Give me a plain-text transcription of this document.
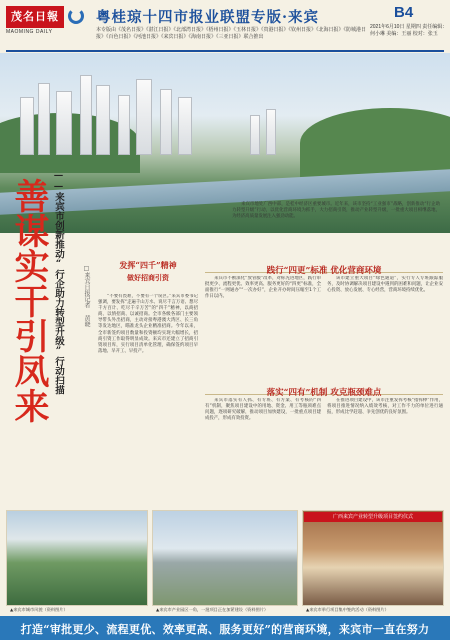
茂名日報
MAOMING DAILY
粤桂琼十四市报业联盟专版·来宾
本专版由《茂名日报》《湛江日报》《北部湾日报》《梧州日报》《玉林日报》《贵港日报》《钦州日报》《北海日报》《防城港日报》《百色日报》《河池日报》《来宾日报》《海南日报》《三亚日报》联合推出
B4
2021年6月10日 星期四 责任编辑：何小琳 美编：王丽 校对：张玉
善谋实干引凤来 ——来宾市创新推动“行企助力转型升级”行动扫描	□来宾日报记者 黄晓
来宾市地处广西中部，是桂中经济区重要城市。近年来，该市坚持“工业强市”战略，创新推动“行企助力转型升级”行动，以优化营商环境为抓手，大力招商引资，推动产业转型升级，一批重大项目相继落地，为经济高质量发展注入强劲动能。
发挥“四千”精神
做好招商引资
“不要有畏难，不要有一个误区。”来宾市委书记强调，要发挥“走遍千山万水、说尽千言万语、想尽千方百计、吃尽千辛万苦”的“四千”精神，以商招商、以情招商、以诚招商。全市各级各部门主要领导带头外出招商，主动对接粤港澳大湾区、长三角等发达地区，瞄准龙头企业精准招商。今年以来，全市新签约项目数量和投资额均实现大幅增长，招商引资工作取得明显成效。来宾市还建立了招商引资项目库，实行项目清单化管理，确保签约项目早落地、早开工、早投产。
践行“四更”标准 优化营商环境
来宾市不断深化“放管服”改革，对标先进地区，践行审批更少、流程更优、效率更高、服务更好的“四更”标准，全面推行“一网通办”“一次办好”，企业开办时间压缩至1个工作日以内。
该市建立重大项目“绿色通道”，实行专人专班跟踪服务，及时协调解决项目建设中遇到的困难和问题，让企业安心投资、放心发展、专心经营，营商环境持续优化。
落实“四有”机制 攻克瓶颈难点
来宾市落实有人抓、有专班、有方案、有考核的“四有”机制，聚焦项目建设中的用地、资金、用工等瓶颈难点问题，逐项研究破解，推动项目加快建设，一批重点项目建成投产，形成有效投资。
在推进项目建设中，该市注重发挥考核“指挥棒”作用，将项目推进情况纳入绩效考核，对工作不力的单位进行通报，形成比学赶超、争先创优的良好氛围。
广西来宾产业转型升级项目签约仪式
▲来宾市城市风貌（资料图片）	▲来宾市产业园区一角，一批项目正在加紧建设（资料图片）	▲来宾市举行项目集中签约活动（资料图片）
打造“审批更少、流程更优、效率更高、服务更好”的营商环境，来宾市一直在努力
